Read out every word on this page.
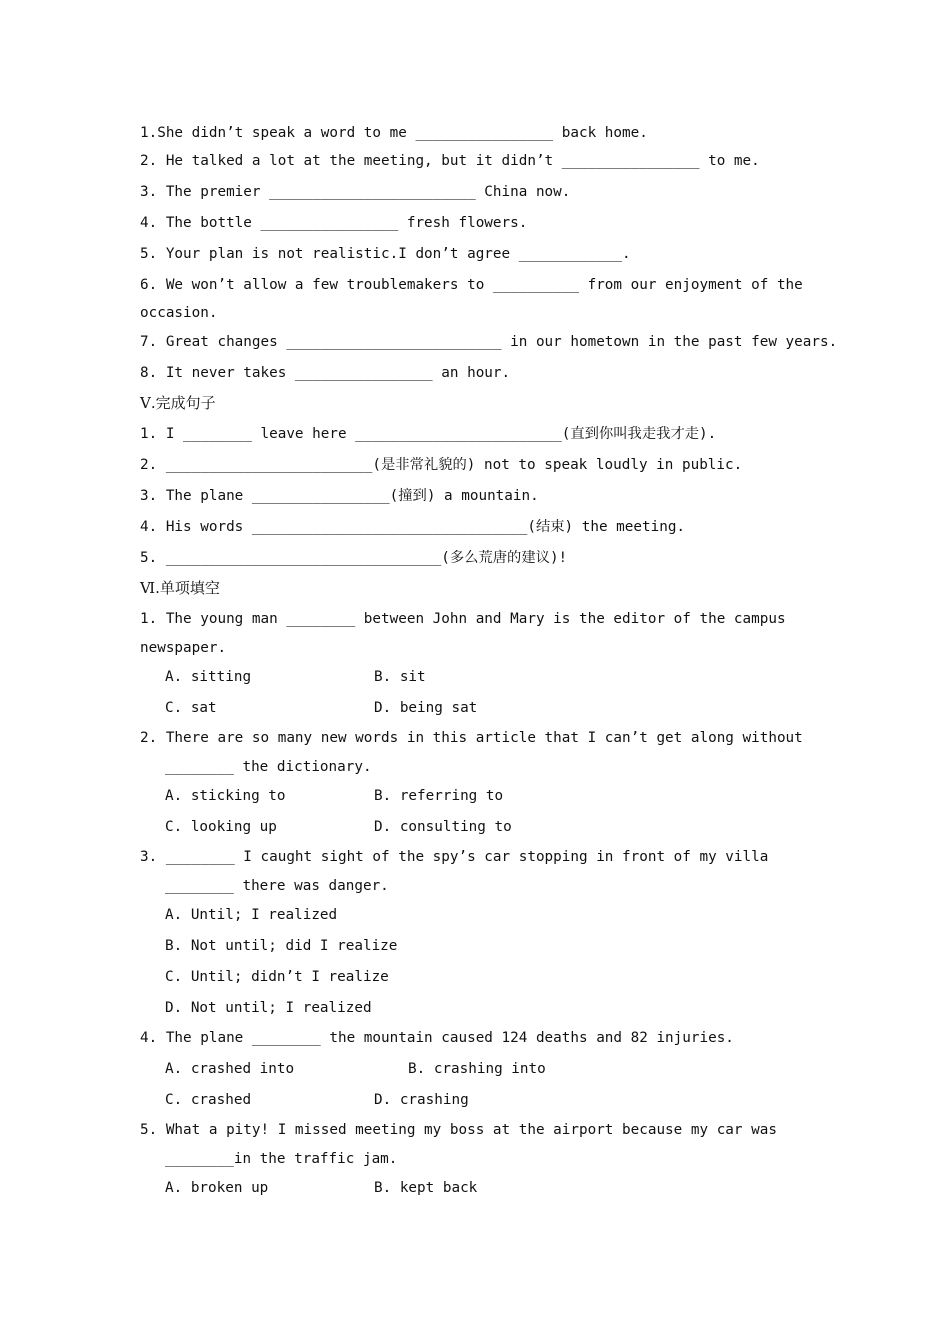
1.She didn’t speak a word to me ________________ back home.
2. He talked a lot at the meeting, but it didn’t ________________ to me.
3. The premier ________________________ China now.
4. The bottle ________________ fresh flowers.
5. Your plan is not realistic.I don’t agree ____________.
6. We won’t allow a few troublemakers to __________ from our enjoyment of the
occasion.
7. Great changes _________________________ in our hometown in the past few years.
8. It never takes ________________ an hour.
Ⅴ.完成句子
1. I ________ leave here ________________________(直到你叫我走我才走).
2. ________________________(是非常礼貌的) not to speak loudly in public.
3. The plane ________________(撞到) a mountain.
4. His words ________________________________(结束) the meeting.
5. ________________________________(多么荒唐的建议)!
Ⅵ.单项填空
1. The young man ________ between John and Mary is the editor of the campus
newspaper.
A. sitting	B. sit
C. sat	D. being sat
2. There are so many new words in this article that I can’t get along without
________ the dictionary.
A. sticking to	B. referring to
C. looking up	D. consulting to
3. ________ I caught sight of the spy’s car stopping in front of my villa
________ there was danger.
A. Until; I realized
B. Not until; did I realize
C. Until; didn’t I realize
D. Not until; I realized
4. The plane ________ the mountain caused 124 deaths and 82 injuries.
A. crashed into	B. crashing into
C. crashed	D. crashing
5. What a pity! I missed meeting my boss at the airport because my car was
________in the traffic jam.
A. broken up	B. kept back
